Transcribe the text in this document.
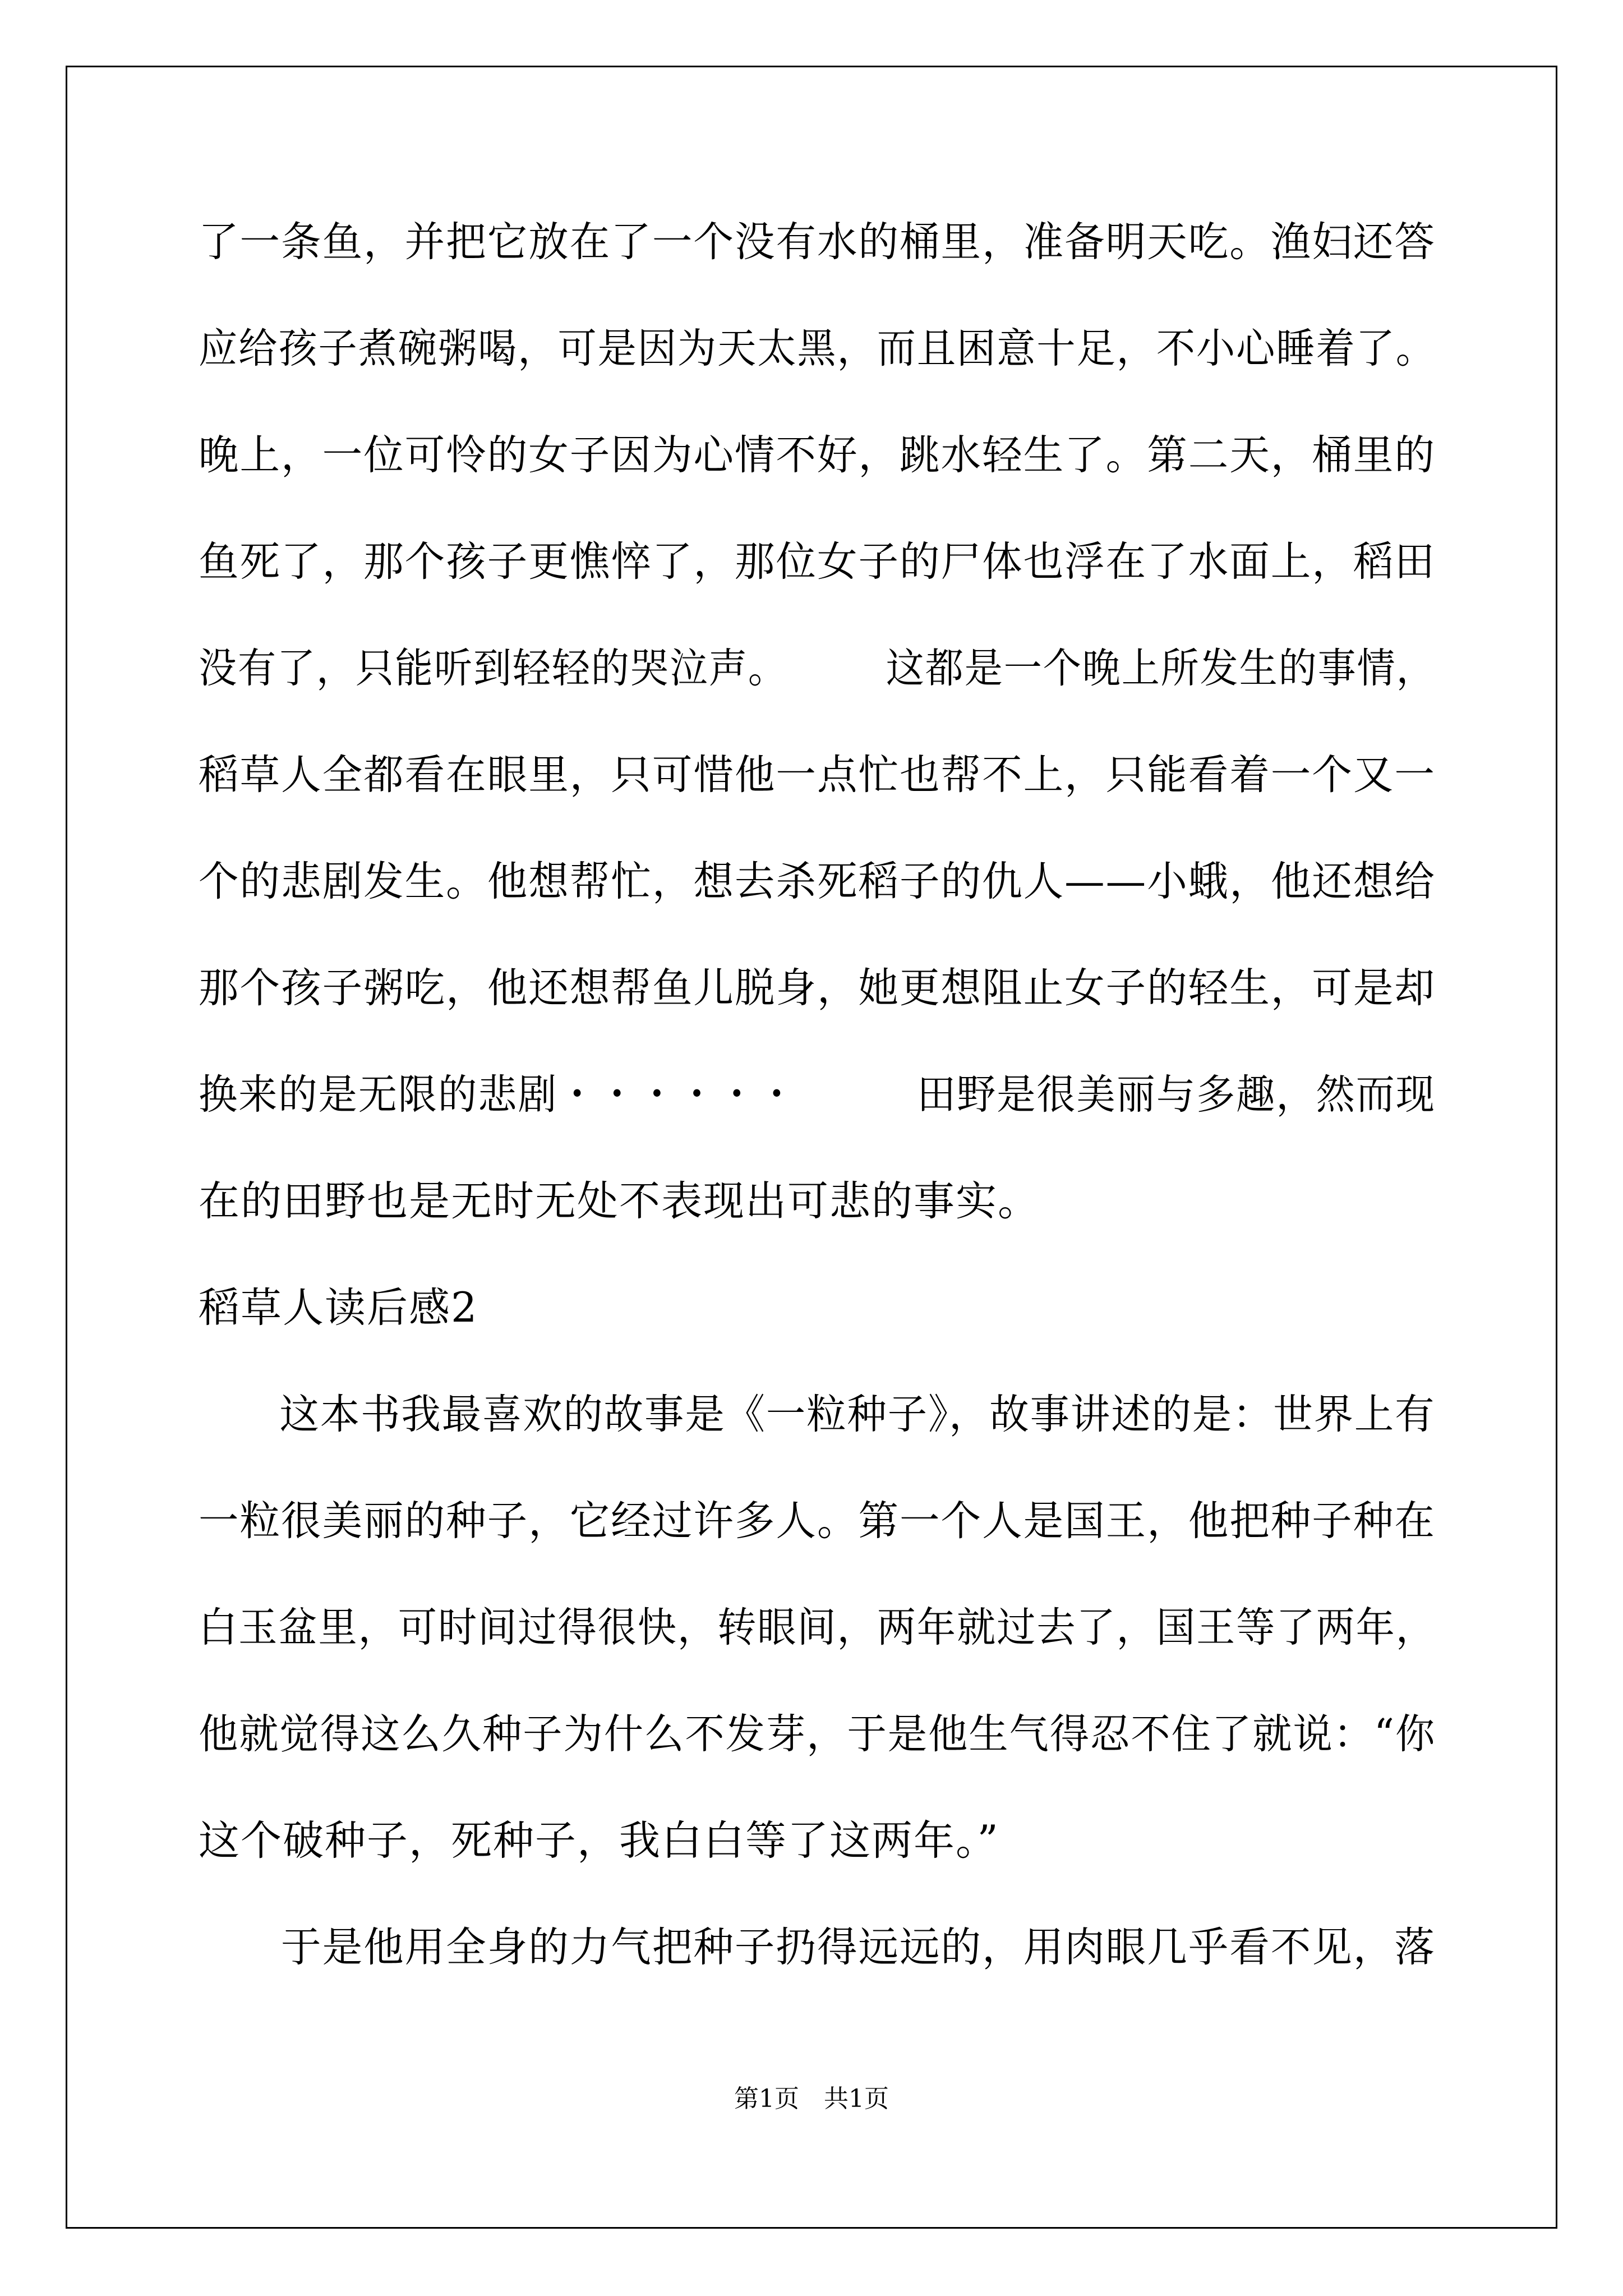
了一条鱼，并把它放在了一个没有水的桶里，准备明天吃。渔妇还答
应给孩子煮碗粥喝，可是因为天太黑，而且困意十足，不小心睡着了。
晚上，一位可怜的女子因为心情不好，跳水轻生了。第二天，桶里的
鱼死了，那个孩子更憔悴了，那位女子的尸体也浮在了水面上，稻田
没有了，只能听到轻轻的哭泣声。　　　这都是一个晚上所发生的事情，
稻草人全都看在眼里，只可惜他一点忙也帮不上，只能看着一个又一
个的悲剧发生。他想帮忙，想去杀死稻子的仇人——小蛾，他还想给
那个孩子粥吃，他还想帮鱼儿脱身，她更想阻止女子的轻生，可是却
换来的是无限的悲剧・・・・・・　　　田野是很美丽与多趣，然而现
在的田野也是无时无处不表现出可悲的事实。
稻草人读后感2
　　这本书我最喜欢的故事是《一粒种子》，故事讲述的是：世界上有
一粒很美丽的种子，它经过许多人。第一个人是国王，他把种子种在
白玉盆里，可时间过得很快，转眼间，两年就过去了，国王等了两年，
他就觉得这么久种子为什么不发芽，于是他生气得忍不住了就说：“你
这个破种子，死种子，我白白等了这两年。”
　　于是他用全身的力气把种子扔得远远的，用肉眼几乎看不见，落
第1页　共1页
